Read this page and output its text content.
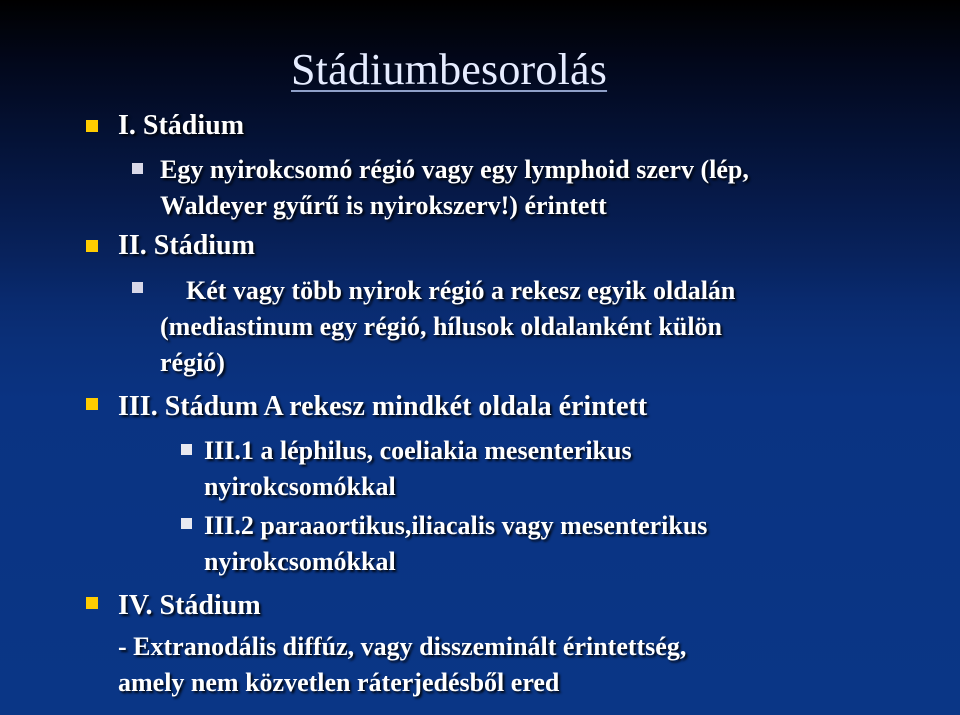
Stádiumbesorolás
I. Stádium
Egy nyirokcsomó régió vagy egy lymphoid szerv (lép,
Waldeyer gyűrű is nyirokszerv!) érintett
II. Stádium
Két vagy több nyirok régió a rekesz egyik oldalán
(mediastinum egy régió, hílusok oldalanként külön
régió)
III. Stádum A rekesz mindkét oldala érintett
III.1 a léphilus, coeliakia mesenterikus
nyirokcsomókkal
III.2 paraaortikus,iliacalis vagy mesenterikus
nyirokcsomókkal
IV. Stádium
- Extranodális diffúz, vagy disszeminált érintettség,
amely nem közvetlen ráterjedésből ered
